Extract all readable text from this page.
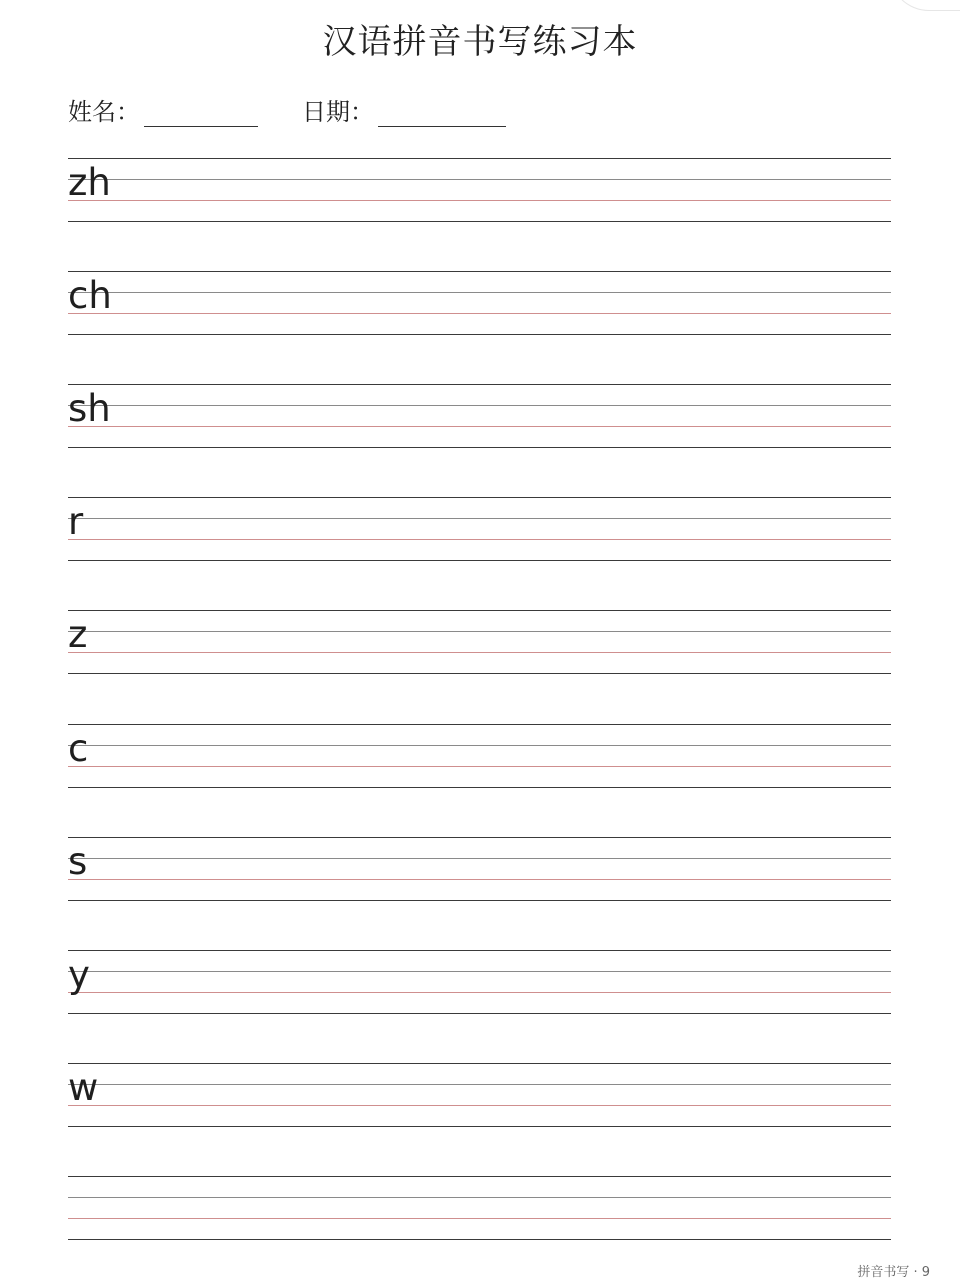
汉语拼音书写练习本
姓名：	日期：
zh
ch
sh
r
z
c
s
y
w
拼音书写 · 9
